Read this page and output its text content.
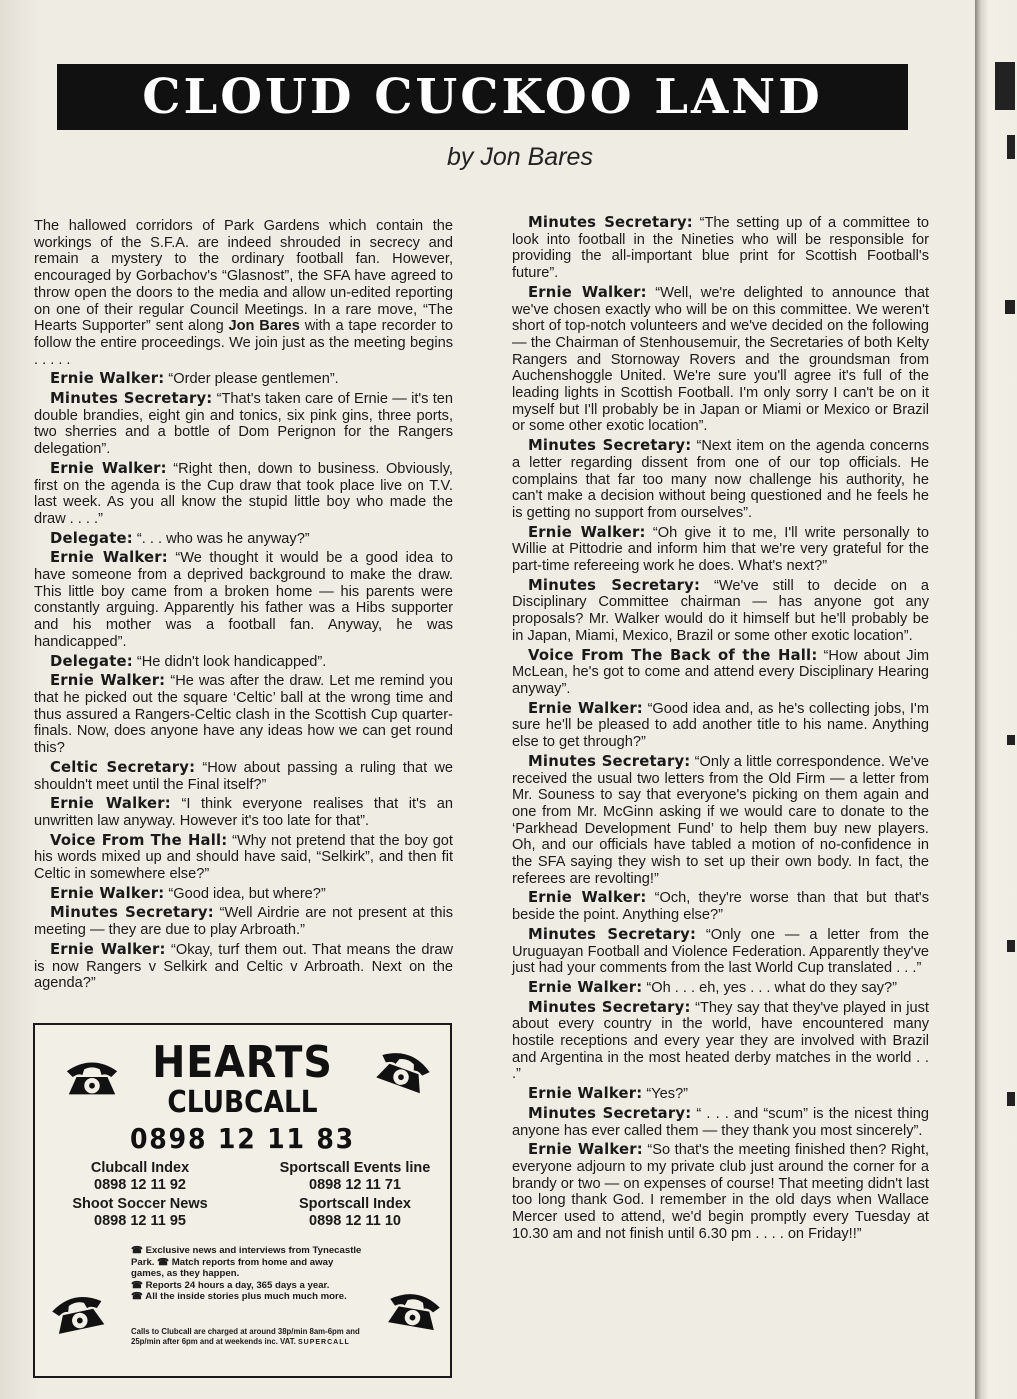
CLOUD CUCKOO LAND
by Jon Bares
The hallowed corridors of Park Gardens which contain the workings of the S.F.A. are indeed shrouded in secrecy and remain a mystery to the ordinary football fan. However, encouraged by Gorbachov's “Glasnost”, the SFA have agreed to throw open the doors to the media and allow un-edited reporting on one of their regular Council Meetings. In a rare move, “The Hearts Supporter” sent along Jon Bares with a tape recorder to follow the entire proceedings. We join just as the meeting begins . . . . .
Ernie Walker: “Order please gentlemen”.
Minutes Secretary: “That's taken care of Ernie — it's ten double brandies, eight gin and tonics, six pink gins, three ports, two sherries and a bottle of Dom Perignon for the Rangers delegation”.
Ernie Walker: “Right then, down to business. Obviously, first on the agenda is the Cup draw that took place live on T.V. last week. As you all know the stupid little boy who made the draw . . . .”
Delegate: “. . . who was he anyway?”
Ernie Walker: “We thought it would be a good idea to have someone from a deprived background to make the draw. This little boy came from a broken home — his parents were constantly arguing. Apparently his father was a Hibs supporter and his mother was a football fan. Anyway, he was handicapped”.
Delegate: “He didn't look handicapped”.
Ernie Walker: “He was after the draw. Let me remind you that he picked out the square ‘Celtic’ ball at the wrong time and thus assured a Rangers-Celtic clash in the Scottish Cup quarter-finals. Now, does anyone have any ideas how we can get round this?
Celtic Secretary: “How about passing a ruling that we shouldn't meet until the Final itself?”
Ernie Walker: “I think everyone realises that it's an unwritten law anyway. However it's too late for that”.
Voice From The Hall: “Why not pretend that the boy got his words mixed up and should have said, “Selkirk”, and then fit Celtic in somewhere else?”
Ernie Walker: “Good idea, but where?”
Minutes Secretary: “Well Airdrie are not present at this meeting — they are due to play Arbroath.”
Ernie Walker: “Okay, turf them out. That means the draw is now Rangers v Selkirk and Celtic v Arbroath. Next on the agenda?”
Minutes Secretary: “The setting up of a committee to look into football in the Nineties who will be responsible for providing the all-important blue print for Scottish Football's future”.
Ernie Walker: “Well, we're delighted to announce that we've chosen exactly who will be on this committee. We weren't short of top-notch volunteers and we've decided on the following — the Chairman of Stenhousemuir, the Secretaries of both Kelty Rangers and Stornoway Rovers and the groundsman from Auchenshoggle United. We're sure you'll agree it's full of the leading lights in Scottish Football. I'm only sorry I can't be on it myself but I'll probably be in Japan or Miami or Mexico or Brazil or some other exotic location”.
Minutes Secretary: “Next item on the agenda concerns a letter regarding dissent from one of our top officials. He complains that far too many now challenge his authority, he can't make a decision without being questioned and he feels he is getting no support from ourselves”.
Ernie Walker: “Oh give it to me, I'll write personally to Willie at Pittodrie and inform him that we're very grateful for the part-time refereeing work he does. What's next?”
Minutes Secretary: “We've still to decide on a Disciplinary Committee chairman — has anyone got any proposals? Mr. Walker would do it himself but he'll probably be in Japan, Miami, Mexico, Brazil or some other exotic location”.
Voice From The Back of the Hall: “How about Jim McLean, he's got to come and attend every Disciplinary Hearing anyway”.
Ernie Walker: “Good idea and, as he's collecting jobs, I'm sure he'll be pleased to add another title to his name. Anything else to get through?”
Minutes Secretary: “Only a little correspondence. We've received the usual two letters from the Old Firm — a letter from Mr. Souness to say that everyone's picking on them again and one from Mr. McGinn asking if we would care to donate to the ‘Parkhead Development Fund’ to help them buy new players. Oh, and our officials have tabled a motion of no-confidence in the SFA saying they wish to set up their own body. In fact, the referees are revolting!”
Ernie Walker: “Och, they're worse than that but that's beside the point. Anything else?”
Minutes Secretary: “Only one — a letter from the Uruguayan Football and Violence Federation. Apparently they've just had your comments from the last World Cup translated . . .”
Ernie Walker: “Oh . . . eh, yes . . . what do they say?”
Minutes Secretary: “They say that they've played in just about every country in the world, have encountered many hostile receptions and every year they are involved with Brazil and Argentina in the most heated derby matches in the world . . .”
Ernie Walker: “Yes?”
Minutes Secretary: “ . . . and “scum” is the nicest thing anyone has ever called them — they thank you most sincerely”.
Ernie Walker: “So that's the meeting finished then? Right, everyone adjourn to my private club just around the corner for a brandy or two — on expenses of course! That meeting didn't last too long thank God. I remember in the old days when Wallace Mercer used to attend, we'd begin promptly every Tuesday at 10.30 am and not finish until 6.30 pm . . . . on Friday!!”
HEARTS
CLUBCALL
0898 12 11 83
Clubcall Index
0898 12 11 92
Sportscall Events line
0898 12 11 71
Shoot Soccer News
0898 12 11 95
Sportscall Index
0898 12 11 10
☎ Exclusive news and interviews from Tynecastle Park. ☎ Match reports from home and away games, as they happen.
☎ Reports 24 hours a day, 365 days a year.
☎ All the inside stories plus much much more.
Calls to Clubcall are charged at around 38p/min 8am-6pm and 25p/min after 6pm and at weekends inc. VAT. SUPERCALL
